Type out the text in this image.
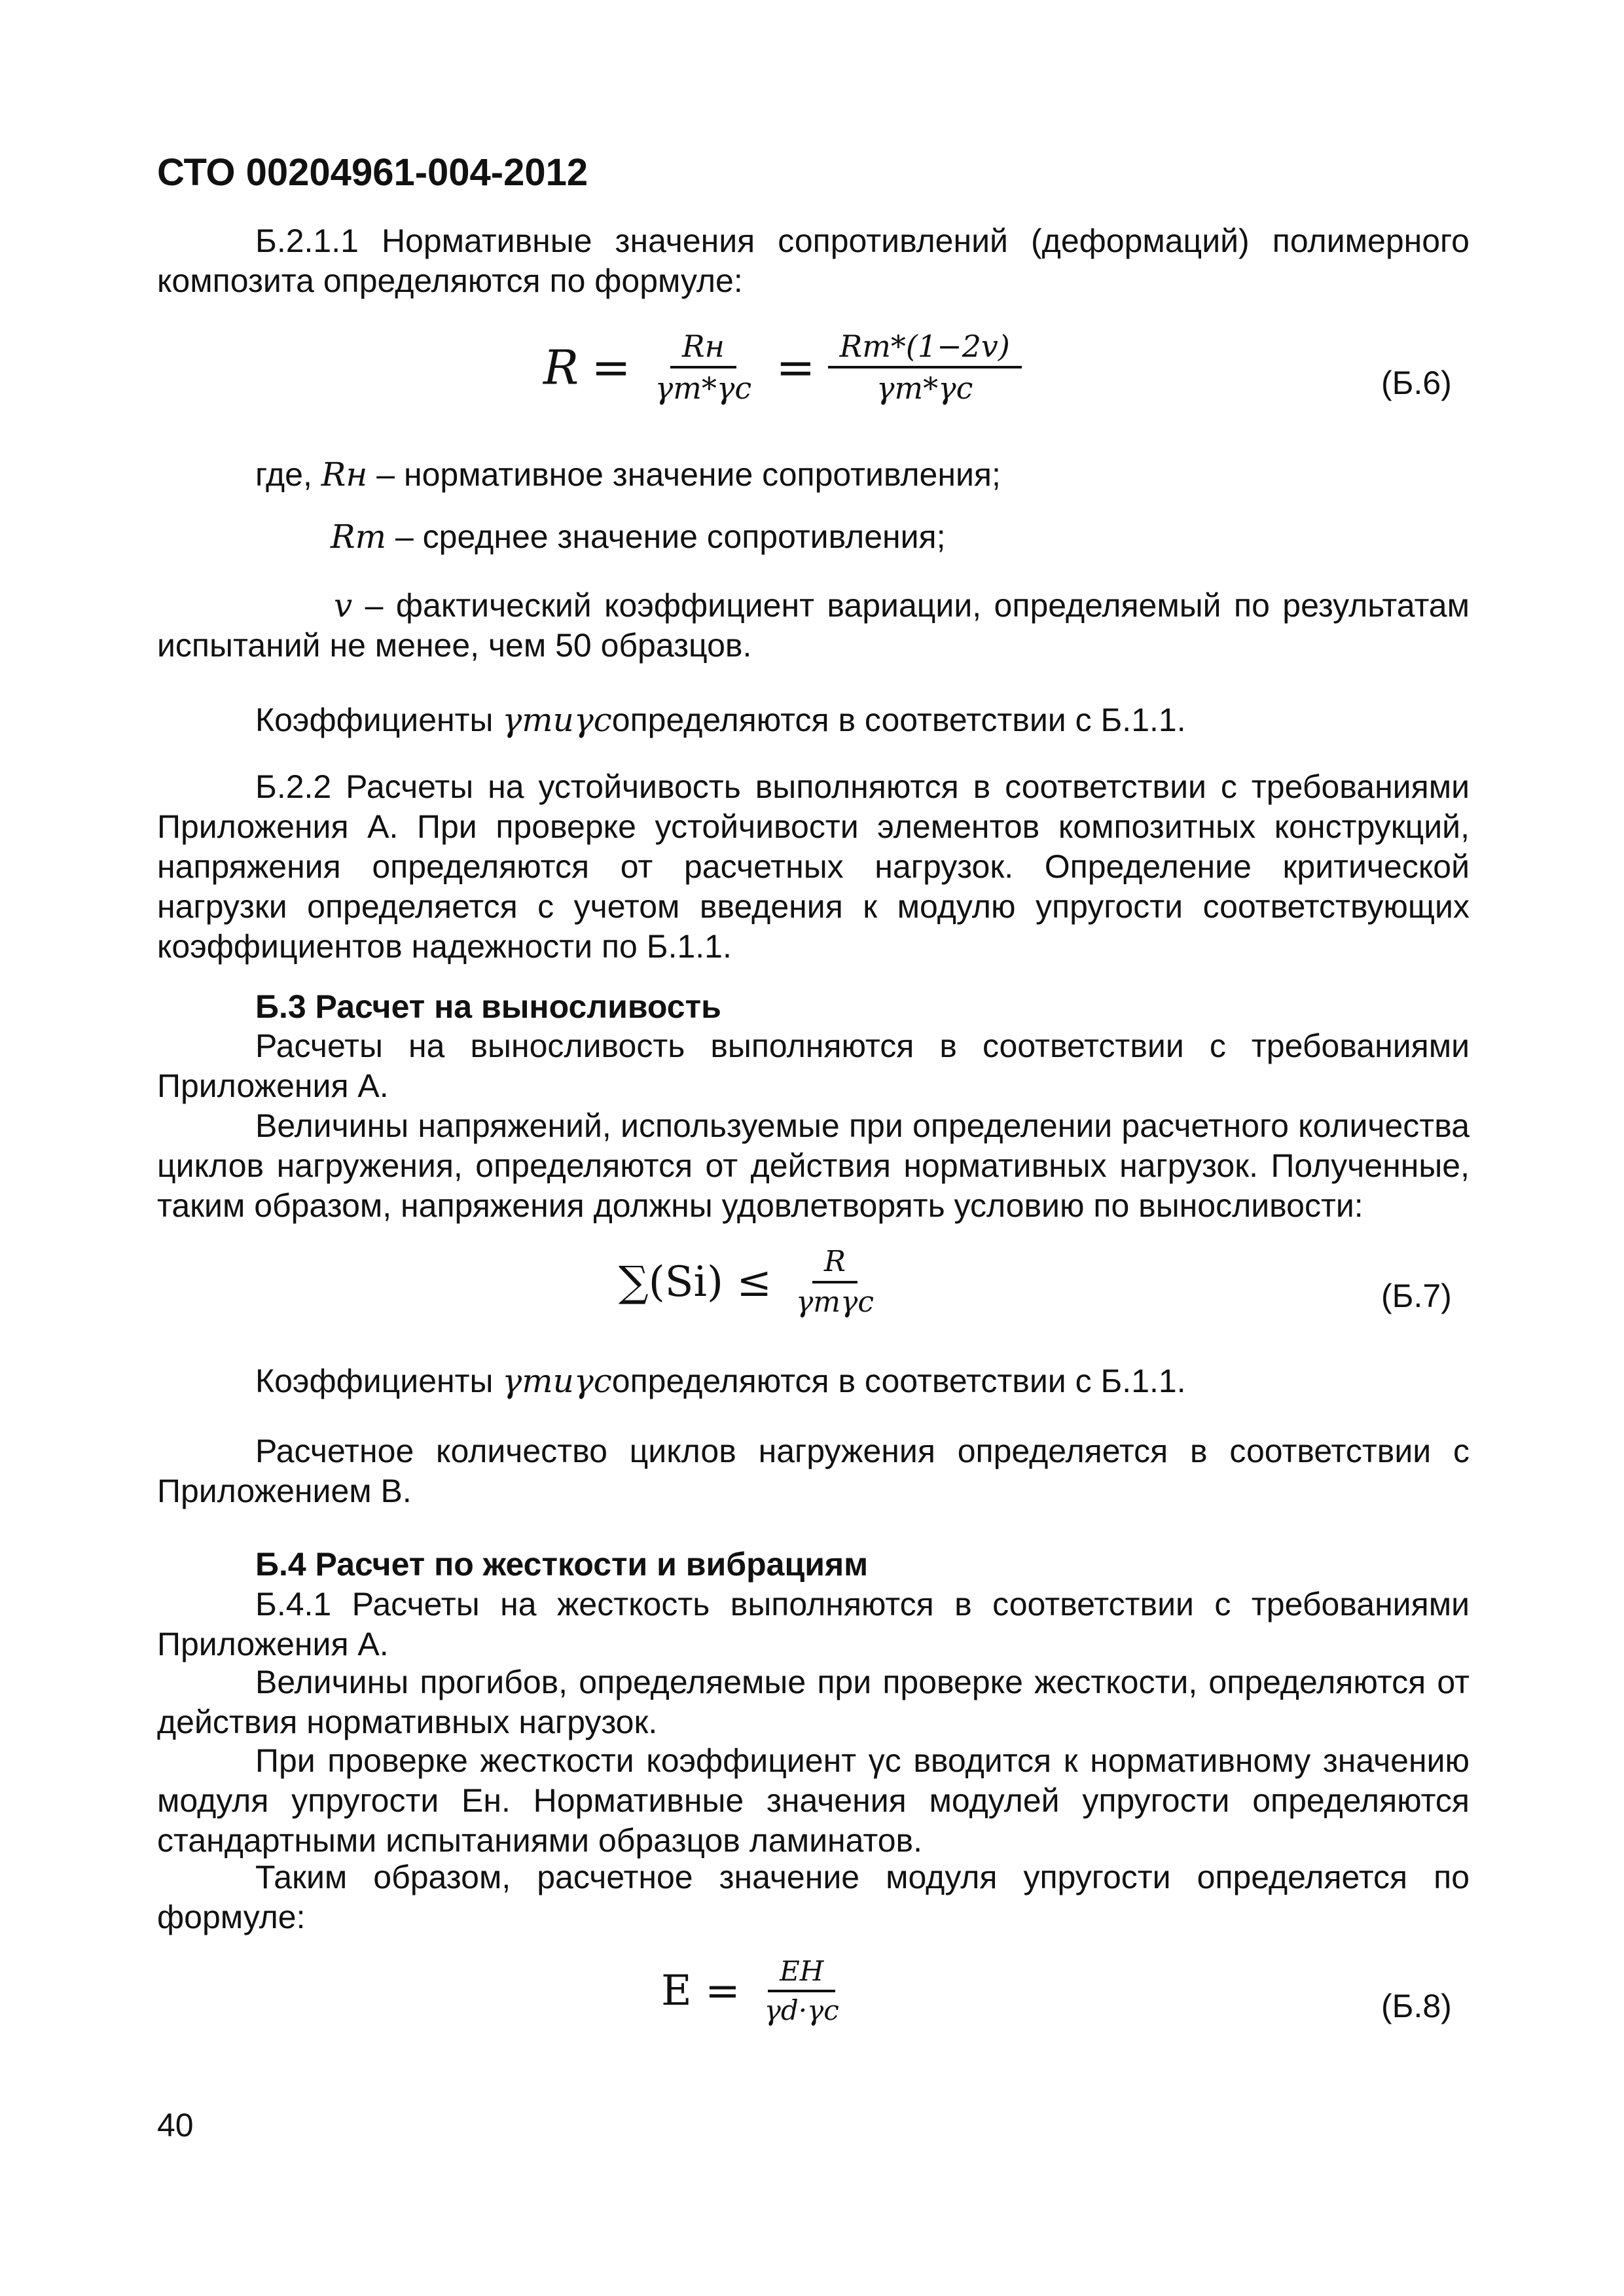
СТО 00204961-004-2012
Б.2.1.1 Нормативные значения сопротивлений (деформаций) полимерного композита определяются по формуле:
$R = \frac{Rн}{\gamma m*\gamma c} = \frac{Rm*(1-2v)}{\gamma m*\gamma c}$	(Б.6)
где, Rн – нормативное значение сопротивления;
Rm – среднее значение сопротивления;
v – фактический коэффициент вариации, определяемый по результатам испытаний не менее, чем 50 образцов.
Коэффициенты γmиγcопределяются в соответствии с Б.1.1.
Б.2.2 Расчеты на устойчивость выполняются в соответствии с требованиями Приложения А. При проверке устойчивости элементов композитных конструкций, напряжения определяются от расчетных нагрузок. Определение критической нагрузки определяется с учетом введения к модулю упругости соответствующих коэффициентов надежности по Б.1.1.
Б.3 Расчет на выносливость
Расчеты на выносливость выполняются в соответствии с требованиями Приложения А.
Величины напряжений, используемые при определении расчетного количества циклов нагружения, определяются от действия нормативных нагрузок. Полученные, таким образом, напряжения должны удовлетворять условию по выносливости:
$\sum(Si) \le \frac{R}{\text{γmγc}}$	(Б.7)
Коэффициенты γmиγcопределяются в соответствии с Б.1.1.
Расчетное количество циклов нагружения определяется в соответствии с Приложением В.
Б.4 Расчет по жесткости и вибрациям
Б.4.1 Расчеты на жесткость выполняются в соответствии с требованиями Приложения А.
Величины прогибов, определяемые при проверке жесткости, определяются от действия нормативных нагрузок.
При проверке жесткости коэффициент γc вводится к нормативному значению модуля упругости Eн. Нормативные значения модулей упругости определяются стандартными испытаниями образцов ламинатов.
Таким образом, расчетное значение модуля упругости определяется по формуле:
$E = \frac{EH}{\gamma d\cdot\gamma c}$	(Б.8)
40
